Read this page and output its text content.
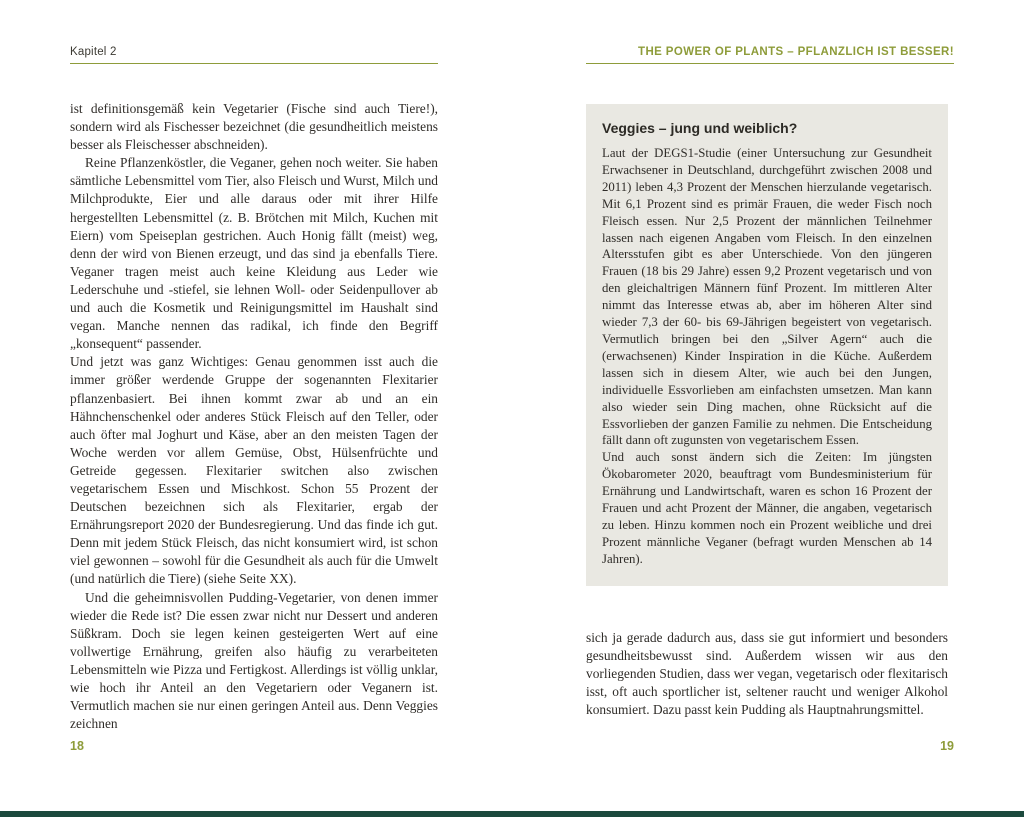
Kapitel 2

ist definitionsgemäß kein Vegetarier (Fische sind auch Tiere!), sondern wird als Fischesser bezeichnet (die gesundheitlich meistens besser als Fleischesser abschneiden).

Reine Pflanzenköstler, die Veganer, gehen noch weiter. Sie haben sämtliche Lebensmittel vom Tier, also Fleisch und Wurst, Milch und Milchprodukte, Eier und alle daraus oder mit ihrer Hilfe hergestellten Lebensmittel (z. B. Brötchen mit Milch, Kuchen mit Eiern) vom Speiseplan gestrichen. Auch Honig fällt (meist) weg, denn der wird von Bienen erzeugt, und das sind ja ebenfalls Tiere. Veganer tragen meist auch keine Kleidung aus Leder wie Lederschuhe und -stiefel, sie lehnen Woll- oder Seidenpullover ab und auch die Kosmetik und Reinigungsmittel im Haushalt sind vegan. Manche nennen das radikal, ich finde den Begriff „konsequent“ passender.

Und jetzt was ganz Wichtiges: Genau genommen isst auch die immer größer werdende Gruppe der sogenannten Flexitarier pflanzenbasiert. Bei ihnen kommt zwar ab und an ein Hähnchenschenkel oder anderes Stück Fleisch auf den Teller, oder auch öfter mal Joghurt und Käse, aber an den meisten Tagen der Woche werden vor allem Gemüse, Obst, Hülsenfrüchte und Getreide gegessen. Flexitarier switchen also zwischen vegetarischem Essen und Mischkost. Schon 55 Prozent der Deutschen bezeichnen sich als Flexitarier, ergab der Ernährungsreport 2020 der Bundesregierung. Und das finde ich gut. Denn mit jedem Stück Fleisch, das nicht konsumiert wird, ist schon viel gewonnen – sowohl für die Gesundheit als auch für die Umwelt (und natürlich die Tiere) (siehe Seite XX).

Und die geheimnisvollen Pudding-Vegetarier, von denen immer wieder die Rede ist? Die essen zwar nicht nur Dessert und anderen Süßkram. Doch sie legen keinen gesteigerten Wert auf eine vollwertige Ernährung, greifen also häufig zu verarbeiteten Lebensmitteln wie Pizza und Fertigkost. Allerdings ist völlig unklar, wie hoch ihr Anteil an den Vegetariern oder Veganern ist. Vermutlich machen sie nur einen geringen Anteil aus. Denn Veggies zeichnen

18
THE POWER OF PLANTS – PFLANZLICH IST BESSER!
Veggies – jung und weiblich?

Laut der DEGS1-Studie (einer Untersuchung zur Gesundheit Erwachsener in Deutschland, durchgeführt zwischen 2008 und 2011) leben 4,3 Prozent der Menschen hierzulande vegetarisch. Mit 6,1 Prozent sind es primär Frauen, die weder Fisch noch Fleisch essen. Nur 2,5 Prozent der männlichen Teilnehmer lassen nach eigenen Angaben vom Fleisch. In den einzelnen Altersstufen gibt es aber Unterschiede. Von den jüngeren Frauen (18 bis 29 Jahre) essen 9,2 Prozent vegetarisch und von den gleichaltrigen Männern fünf Prozent. Im mittleren Alter nimmt das Interesse etwas ab, aber im höheren Alter sind wieder 7,3 der 60- bis 69-Jährigen begeistert von vegetarisch. Vermutlich bringen bei den „Silver Agern“ auch die (erwachsenen) Kinder Inspiration in die Küche. Außerdem lassen sich in diesem Alter, wie auch bei den Jungen, individuelle Essvorlieben am einfachsten umsetzen. Man kann also wieder sein Ding machen, ohne Rücksicht auf die Essvorlieben der ganzen Familie zu nehmen. Die Entscheidung fällt dann oft zugunsten von vegetarischem Essen.

Und auch sonst ändern sich die Zeiten: Im jüngsten Ökobarometer 2020, beauftragt vom Bundesministerium für Ernährung und Landwirtschaft, waren es schon 16 Prozent der Frauen und acht Prozent der Männer, die angaben, vegetarisch zu leben. Hinzu kommen noch ein Prozent weibliche und drei Prozent männliche Veganer (befragt wurden Menschen ab 14 Jahren).

sich ja gerade dadurch aus, dass sie gut informiert und besonders gesundheitsbewusst sind. Außerdem wissen wir aus den vorliegenden Studien, dass wer vegan, vegetarisch oder flexitarisch isst, oft auch sportlicher ist, seltener raucht und weniger Alkohol konsumiert. Dazu passt kein Pudding als Hauptnahrungsmittel.

19
